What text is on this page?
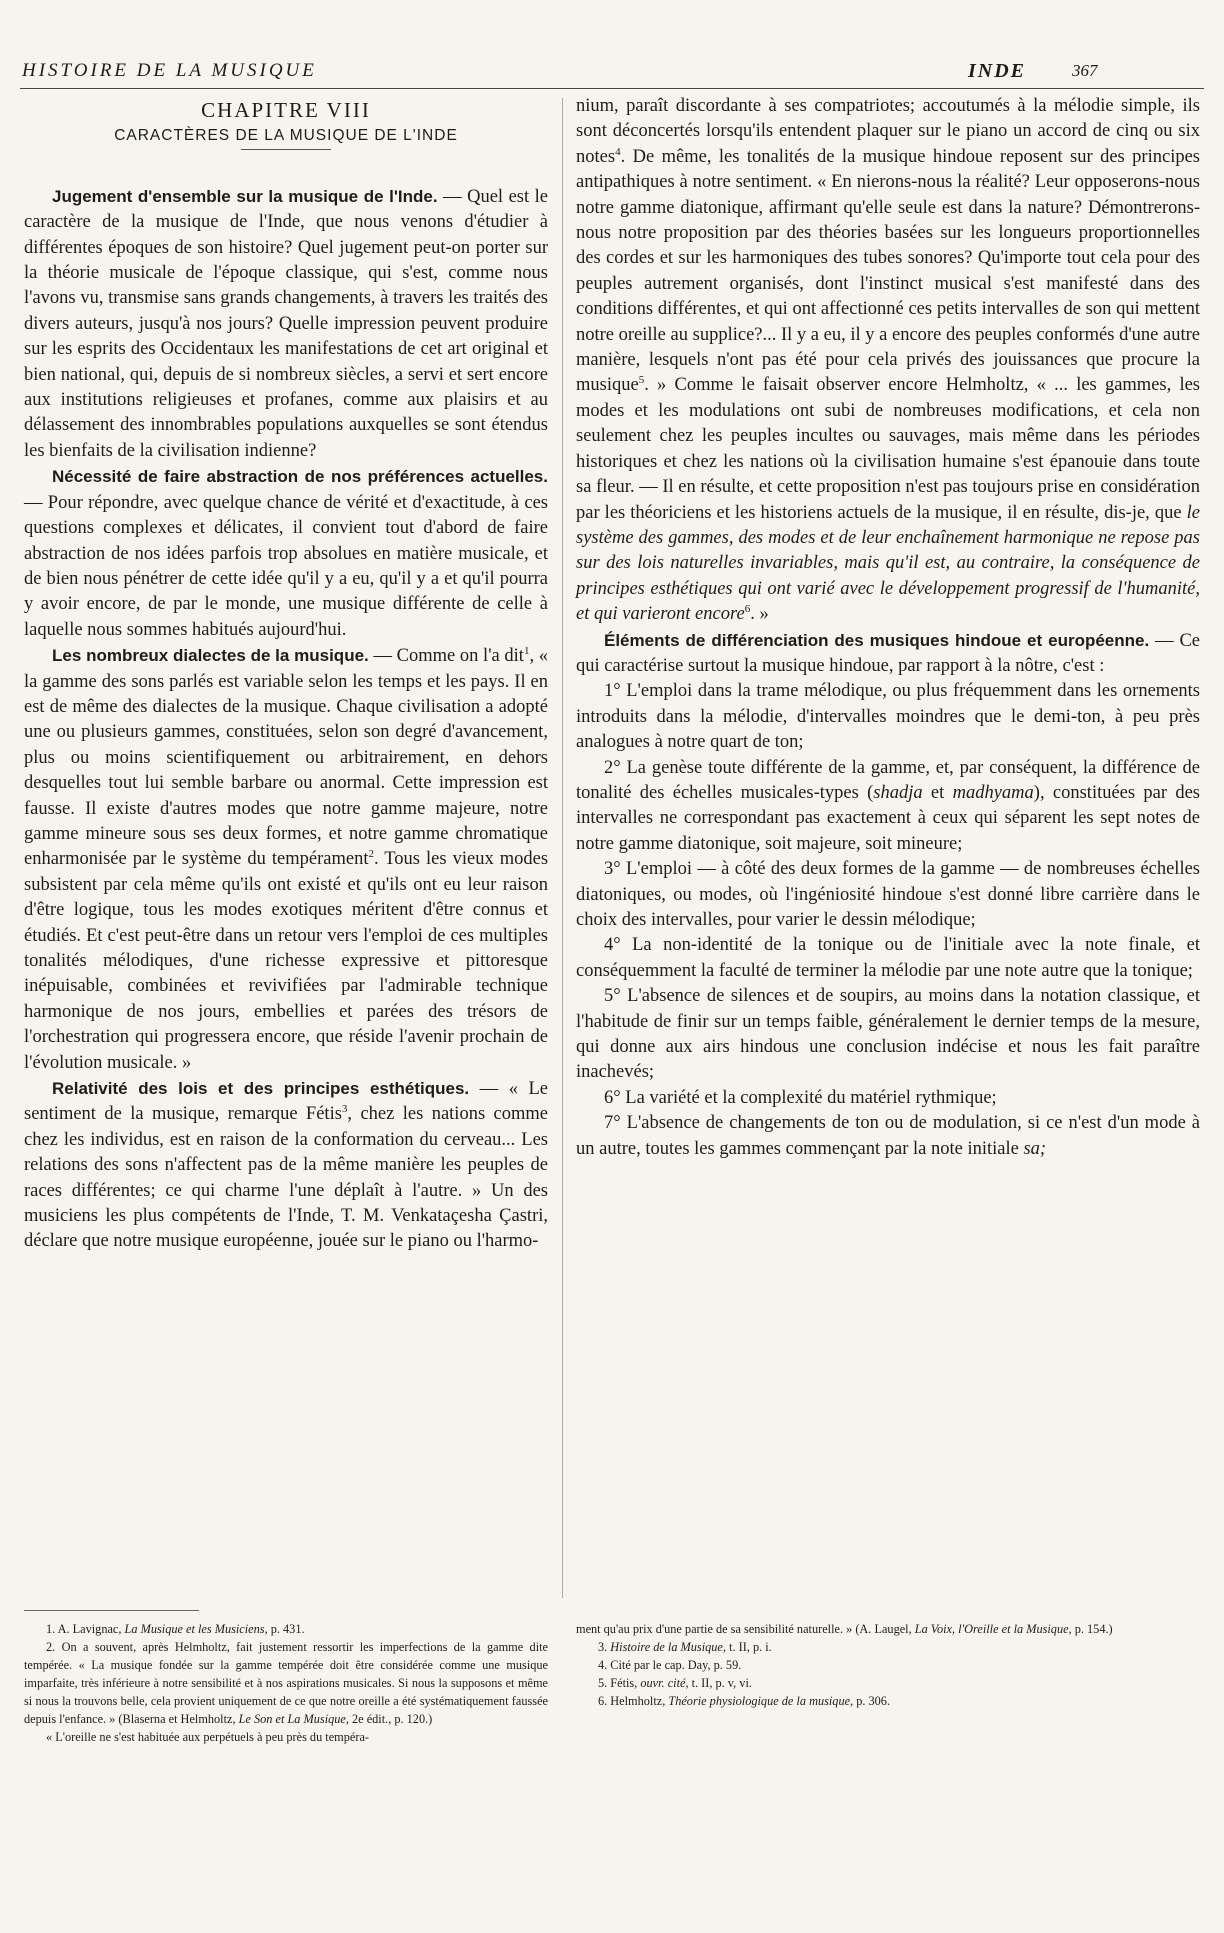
HISTOIRE DE LA MUSIQUE	INDE	367

CHAPITRE VIII

CARACTÈRES DE LA MUSIQUE DE L'INDE

Jugement d'ensemble sur la musique de l'Inde. — Quel est le caractère de la musique de l'Inde, que nous venons d'étudier à différentes époques de son histoire? Quel jugement peut-on porter sur la théorie musicale de l'époque classique, qui s'est, comme nous l'avons vu, transmise sans grands changements, à travers les traités des divers auteurs, jusqu'à nos jours? Quelle impression peuvent produire sur les esprits des Occidentaux les manifestations de cet art original et bien national, qui, depuis de si nombreux siècles, a servi et sert encore aux institutions religieuses et profanes, comme aux plaisirs et au délassement des innombrables populations auxquelles se sont étendus les bienfaits de la civilisation indienne?

Nécessité de faire abstraction de nos préférences actuelles. — Pour répondre, avec quelque chance de vérité et d'exactitude, à ces questions complexes et délicates, il convient tout d'abord de faire abstraction de nos idées parfois trop absolues en matière musicale, et de bien nous pénétrer de cette idée qu'il y a eu, qu'il y a et qu'il pourra y avoir encore, de par le monde, une musique différente de celle à laquelle nous sommes habitués aujourd'hui.

Les nombreux dialectes de la musique. — Comme on l'a dit$^1$, « la gamme des sons parlés est variable selon les temps et les pays. Il en est de même des dialectes de la musique. Chaque civilisation a adopté une ou plusieurs gammes, constituées, selon son degré d'avancement, plus ou moins scientifiquement ou arbitrairement, en dehors desquelles tout lui semble barbare ou anormal. Cette impression est fausse. Il existe d'autres modes que notre gamme majeure, notre gamme mineure sous ses deux formes, et notre gamme chromatique enharmonisée par le système du tempérament$^2$. Tous les vieux modes subsistent par cela même qu'ils ont existé et qu'ils ont eu leur raison d'être logique, tous les modes exotiques méritent d'être connus et étudiés. Et c'est peut-être dans un retour vers l'emploi de ces multiples tonalités mélodiques, d'une richesse expressive et pittoresque inépuisable, combinées et revivifiées par l'admirable technique harmonique de nos jours, embellies et parées des trésors de l'orchestration qui progressera encore, que réside l'avenir prochain de l'évolution musicale. »

Relativité des lois et des principes esthétiques. — « Le sentiment de la musique, remarque Fétis$^3$, chez les nations comme chez les individus, est en raison de la conformation du cerveau... Les relations des sons n'affectent pas de la même manière les peuples de races différentes; ce qui charme l'une déplaît à l'autre. » Un des musiciens les plus compétents de l'Inde, T. M. Venkataçesha Çastri, déclare que notre musique européenne, jouée sur le piano ou l'harmo-

nium, paraît discordante à ses compatriotes; accoutumés à la mélodie simple, ils sont déconcertés lorsqu'ils entendent plaquer sur le piano un accord de cinq ou six notes$^4$. De même, les tonalités de la musique hindoue reposent sur des principes antipathiques à notre sentiment. « En nierons-nous la réalité? Leur opposerons-nous notre gamme diatonique, affirmant qu'elle seule est dans la nature? Démontrerons-nous notre proposition par des théories basées sur les longueurs proportionnelles des cordes et sur les harmoniques des tubes sonores? Qu'importe tout cela pour des peuples autrement organisés, dont l'instinct musical s'est manifesté dans des conditions différentes, et qui ont affectionné ces petits intervalles de son qui mettent notre oreille au supplice?... Il y a eu, il y a encore des peuples conformés d'une autre manière, lesquels n'ont pas été pour cela privés des jouissances que procure la musique$^5$. » Comme le faisait observer encore Helmholtz, « ... les gammes, les modes et les modulations ont subi de nombreuses modifications, et cela non seulement chez les peuples incultes ou sauvages, mais même dans les périodes historiques et chez les nations où la civilisation humaine s'est épanouie dans toute sa fleur. — Il en résulte, et cette proposition n'est pas toujours prise en considération par les théoriciens et les historiens actuels de la musique, il en résulte, dis-je, que le système des gammes, des modes et de leur enchaînement harmonique ne repose pas sur des lois naturelles invariables, mais qu'il est, au contraire, la conséquence de principes esthétiques qui ont varié avec le développement progressif de l'humanité, et qui varieront encore$^6$. »

Éléments de différenciation des musiques hindoue et européenne. — Ce qui caractérise surtout la musique hindoue, par rapport à la nôtre, c'est :

1° L'emploi dans la trame mélodique, ou plus fréquemment dans les ornements introduits dans la mélodie, d'intervalles moindres que le demi-ton, à peu près analogues à notre quart de ton;

2° La genèse toute différente de la gamme, et, par conséquent, la différence de tonalité des échelles musicales-types (shadja et madhyama), constituées par des intervalles ne correspondant pas exactement à ceux qui séparent les sept notes de notre gamme diatonique, soit majeure, soit mineure;

3° L'emploi — à côté des deux formes de la gamme — de nombreuses échelles diatoniques, ou modes, où l'ingéniosité hindoue s'est donné libre carrière dans le choix des intervalles, pour varier le dessin mélodique;

4° La non-identité de la tonique ou de l'initiale avec la note finale, et conséquemment la faculté de terminer la mélodie par une note autre que la tonique;

5° L'absence de silences et de soupirs, au moins dans la notation classique, et l'habitude de finir sur un temps faible, généralement le dernier temps de la mesure, qui donne aux airs hindous une conclusion indécise et nous les fait paraître inachevés;

6° La variété et la complexité du matériel rythmique;

7° L'absence de changements de ton ou de modulation, si ce n'est d'un mode à un autre, toutes les gammes commençant par la note initiale sa;

1. A. Lavignac, La Musique et les Musiciens, p. 431.

2. On a souvent, après Helmholtz, fait justement ressortir les imperfections de la gamme dite tempérée. « La musique fondée sur la gamme tempérée doit être considérée comme une musique imparfaite, très inférieure à notre sensibilité et à nos aspirations musicales. Si nous la supposons et même si nous la trouvons belle, cela provient uniquement de ce que notre oreille a été systématiquement faussée depuis l'enfance. » (Blaserna et Helmholtz, Le Son et La Musique, 2e édit., p. 120.)

« L'oreille ne s'est habituée aux perpétuels à peu près du tempéra-

ment qu'au prix d'une partie de sa sensibilité naturelle. » (A. Laugel, La Voix, l'Oreille et la Musique, p. 154.)

3. Histoire de la Musique, t. II, p. i.

4. Cité par le cap. Day, p. 59.

5. Fétis, ouvr. cité, t. II, p. v, vi.

6. Helmholtz, Théorie physiologique de la musique, p. 306.
